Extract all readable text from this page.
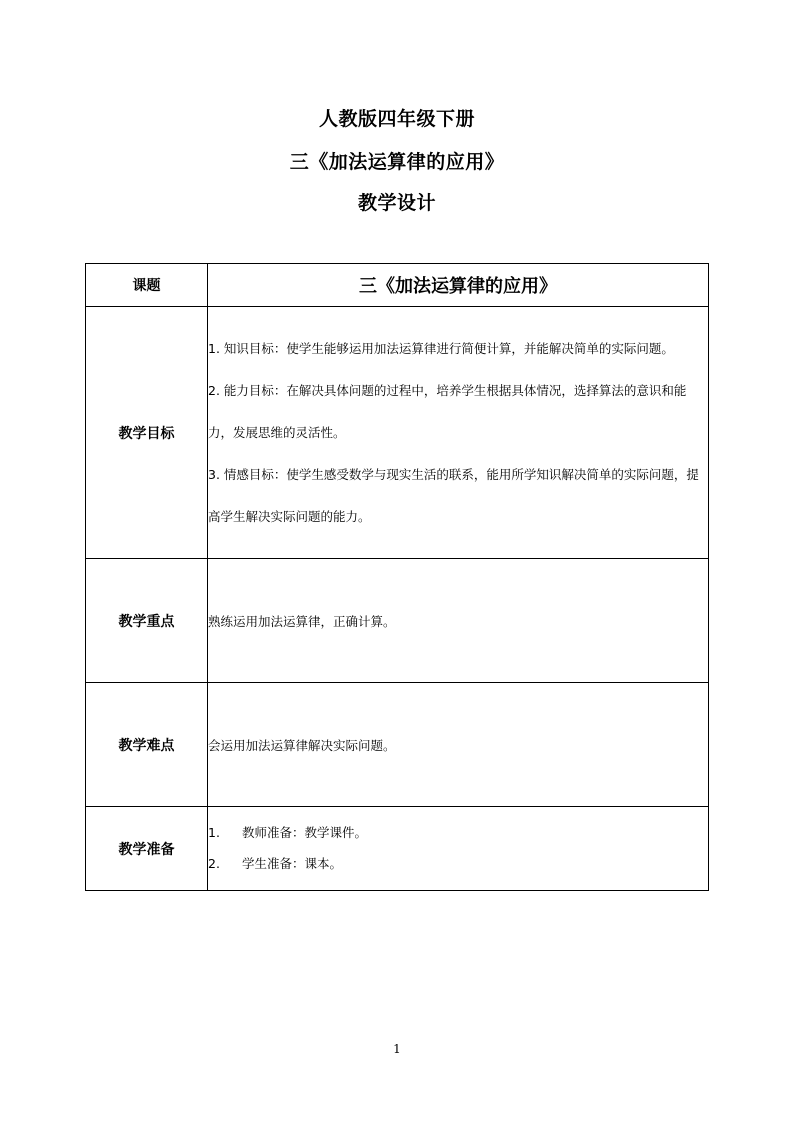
人教版四年级下册
三《加法运算律的应用》
教学设计
课题	三《加法运算律的应用》
教学目标	1. 知识目标：使学生能够运用加法运算律进行简便计算，并能解决简单的实际问题。
2. 能力目标：在解决具体问题的过程中，培养学生根据具体情况，选择算法的意识和能力，发展思维的灵活性。
3. 情感目标：使学生感受数学与现实生活的联系，能用所学知识解决简单的实际问题，提高学生解决实际问题的能力。

教学重点	熟练运用加法运算律，正确计算。
教学难点	会运用加法运算律解决实际问题。
教学准备	1. 教师准备：教学课件。
2. 学生准备：课本。
1
